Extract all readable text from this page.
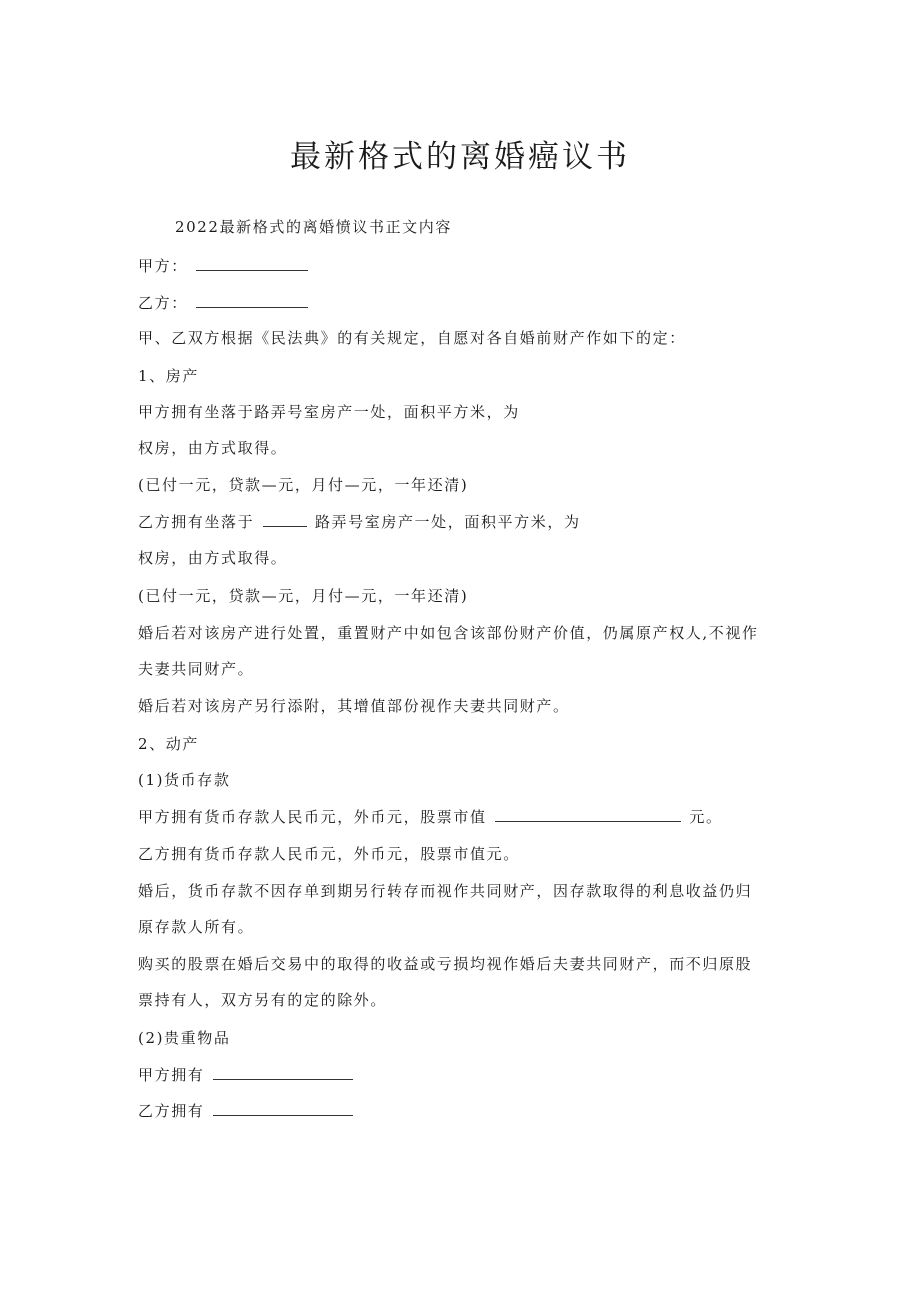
最新格式的离婚癌议书
2022最新格式的离婚愤议书正文内容
甲方：
乙方：
甲、乙双方根据《民法典》的有关规定，自愿对各自婚前财产作如下的定：
1、房产
甲方拥有坐落于路弄号室房产一处，面积平方米，为
权房，由方式取得。
(已付一元，贷款—元，月付—元，一年还清)
乙方拥有坐落于	路弄号室房产一处，面积平方米，为
权房，由方式取得。
(已付一元，贷款—元，月付—元，一年还清)
婚后若对该房产进行处置，重置财产中如包含该部份财产价值，仍属原产权人,不视作
夫妻共同财产。
婚后若对该房产另行添附，其增值部份视作夫妻共同财产。
2、动产
(1)货币存款
甲方拥有货币存款人民币元，外币元，股票市值	元。
乙方拥有货币存款人民币元，外币元，股票市值元。
婚后，货币存款不因存单到期另行转存而视作共同财产，因存款取得的利息收益仍归
原存款人所有。
购买的股票在婚后交易中的取得的收益或亏损均视作婚后夫妻共同财产，而不归原股
票持有人，双方另有的定的除外。
(2)贵重物品
甲方拥有
乙方拥有
